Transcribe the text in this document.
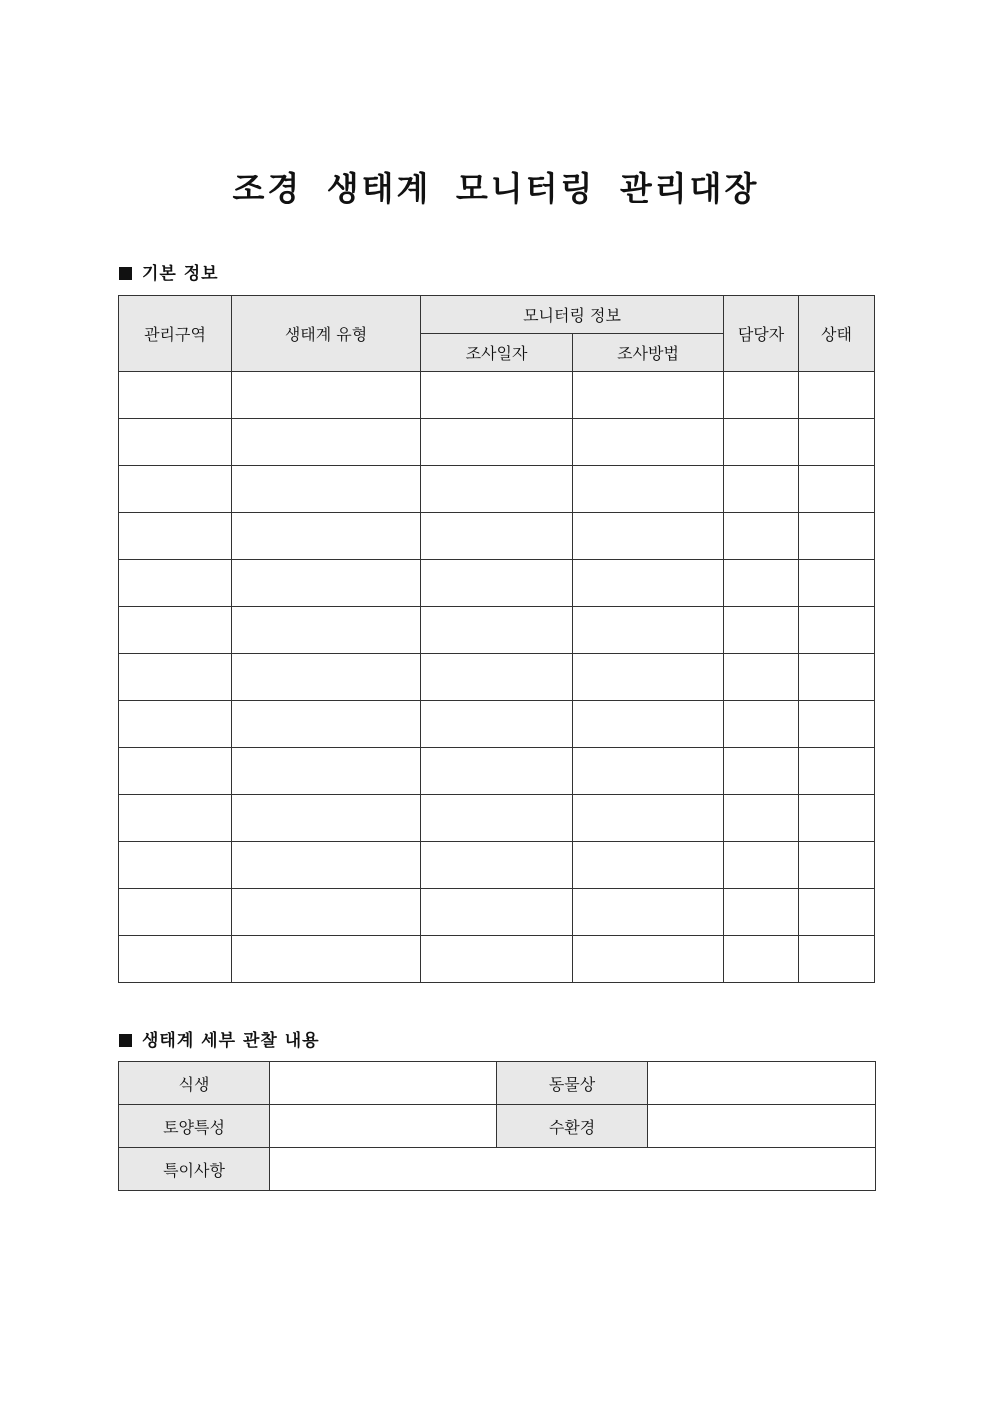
조경 생태계 모니터링 관리대장
기본 정보
관리구역	생태계 유형	모니터링 정보		담당자	상태
		조사일자	조사방법		

생태계 세부 관찰 내용
식생		동물상	
토양특성		수환경	
특이사항			
